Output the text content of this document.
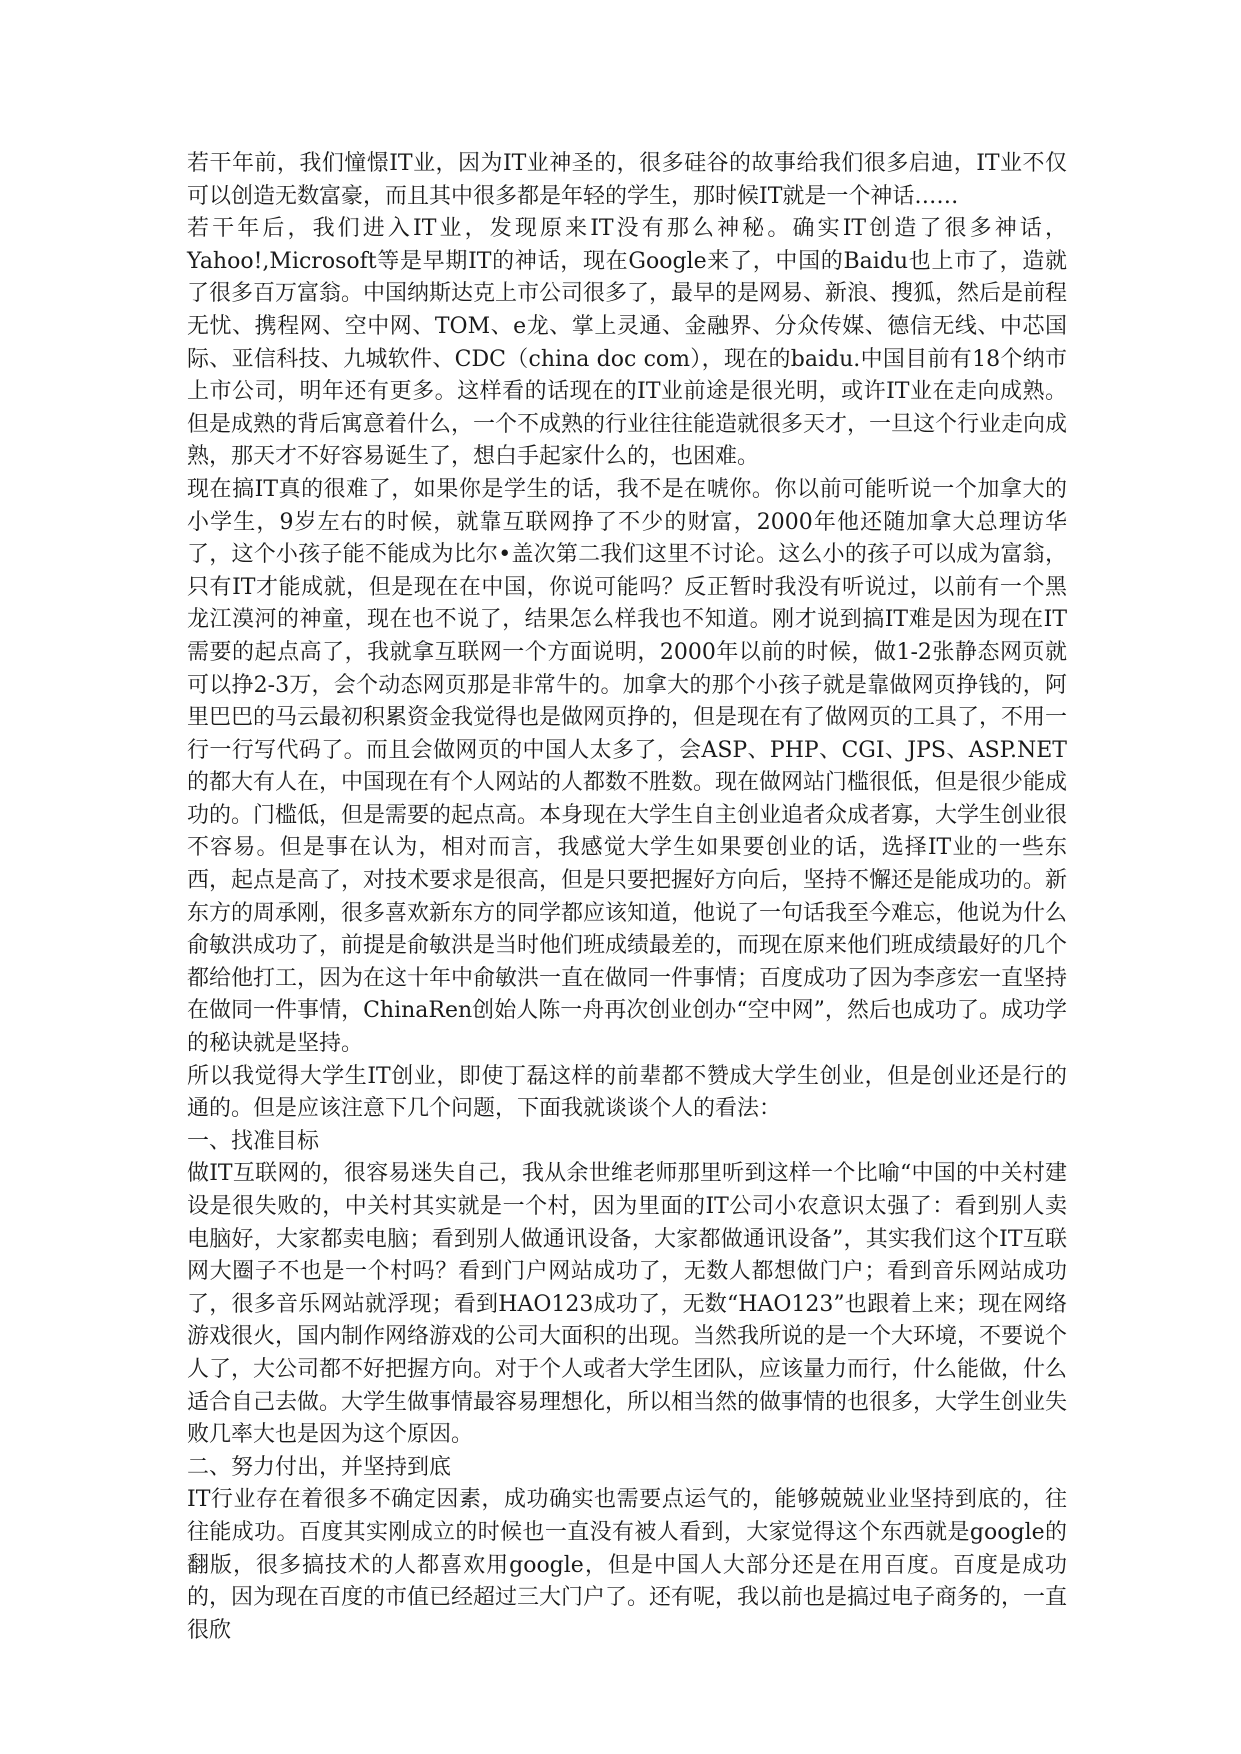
若干年前，我们憧憬IT业，因为IT业神圣的，很多硅谷的故事给我们很多启迪，IT业不仅可以创造无数富豪，而且其中很多都是年轻的学生，那时候IT就是一个神话……

若干年后，我们进入IT业，发现原来IT没有那么神秘。确实IT创造了很多神话，Yahoo!,Microsoft等是早期IT的神话，现在Google来了，中国的Baidu也上市了，造就了很多百万富翁。中国纳斯达克上市公司很多了，最早的是网易、新浪、搜狐，然后是前程无忧、携程网、空中网、TOM、e龙、掌上灵通、金融界、分众传媒、德信无线、中芯国际、亚信科技、九城软件、CDC（china doc com），现在的baidu.中国目前有18个纳市上市公司，明年还有更多。这样看的话现在的IT业前途是很光明，或许IT业在走向成熟。但是成熟的背后寓意着什么，一个不成熟的行业往往能造就很多天才，一旦这个行业走向成熟，那天才不好容易诞生了，想白手起家什么的，也困难。

现在搞IT真的很难了，如果你是学生的话，我不是在唬你。你以前可能听说一个加拿大的小学生，9岁左右的时候，就靠互联网挣了不少的财富，2000年他还随加拿大总理访华了，这个小孩子能不能成为比尔•盖次第二我们这里不讨论。这么小的孩子可以成为富翁，只有IT才能成就，但是现在在中国，你说可能吗？反正暂时我没有听说过，以前有一个黑龙江漠河的神童，现在也不说了，结果怎么样我也不知道。刚才说到搞IT难是因为现在IT需要的起点高了，我就拿互联网一个方面说明，2000年以前的时候，做1-2张静态网页就可以挣2-3万，会个动态网页那是非常牛的。加拿大的那个小孩子就是靠做网页挣钱的，阿里巴巴的马云最初积累资金我觉得也是做网页挣的，但是现在有了做网页的工具了，不用一行一行写代码了。而且会做网页的中国人太多了，会ASP、PHP、CGI、JPS、ASP.NET的都大有人在，中国现在有个人网站的人都数不胜数。现在做网站门槛很低，但是很少能成功的。门槛低，但是需要的起点高。本身现在大学生自主创业追者众成者寡，大学生创业很不容易。但是事在认为，相对而言，我感觉大学生如果要创业的话，选择IT业的一些东西，起点是高了，对技术要求是很高，但是只要把握好方向后，坚持不懈还是能成功的。新东方的周承刚，很多喜欢新东方的同学都应该知道，他说了一句话我至今难忘，他说为什么俞敏洪成功了，前提是俞敏洪是当时他们班成绩最差的，而现在原来他们班成绩最好的几个都给他打工，因为在这十年中俞敏洪一直在做同一件事情；百度成功了因为李彦宏一直坚持在做同一件事情，ChinaRen创始人陈一舟再次创业创办“空中网”，然后也成功了。成功学的秘诀就是坚持。

所以我觉得大学生IT创业，即使丁磊这样的前辈都不赞成大学生创业，但是创业还是行的通的。但是应该注意下几个问题，下面我就谈谈个人的看法：

一、找准目标

做IT互联网的，很容易迷失自己，我从余世维老师那里听到这样一个比喻“中国的中关村建设是很失败的，中关村其实就是一个村，因为里面的IT公司小农意识太强了：看到别人卖电脑好，大家都卖电脑；看到别人做通讯设备，大家都做通讯设备”，其实我们这个IT互联网大圈子不也是一个村吗？看到门户网站成功了，无数人都想做门户；看到音乐网站成功了，很多音乐网站就浮现；看到HAO123成功了，无数“HAO123”也跟着上来；现在网络游戏很火，国内制作网络游戏的公司大面积的出现。当然我所说的是一个大环境，不要说个人了，大公司都不好把握方向。对于个人或者大学生团队，应该量力而行，什么能做，什么适合自己去做。大学生做事情最容易理想化，所以相当然的做事情的也很多，大学生创业失败几率大也是因为这个原因。

二、努力付出，并坚持到底

IT行业存在着很多不确定因素，成功确实也需要点运气的，能够兢兢业业坚持到底的，往往能成功。百度其实刚成立的时候也一直没有被人看到，大家觉得这个东西就是google的翻版，很多搞技术的人都喜欢用google，但是中国人大部分还是在用百度。百度是成功的，因为现在百度的市值已经超过三大门户了。还有呢，我以前也是搞过电子商务的，一直很欣
